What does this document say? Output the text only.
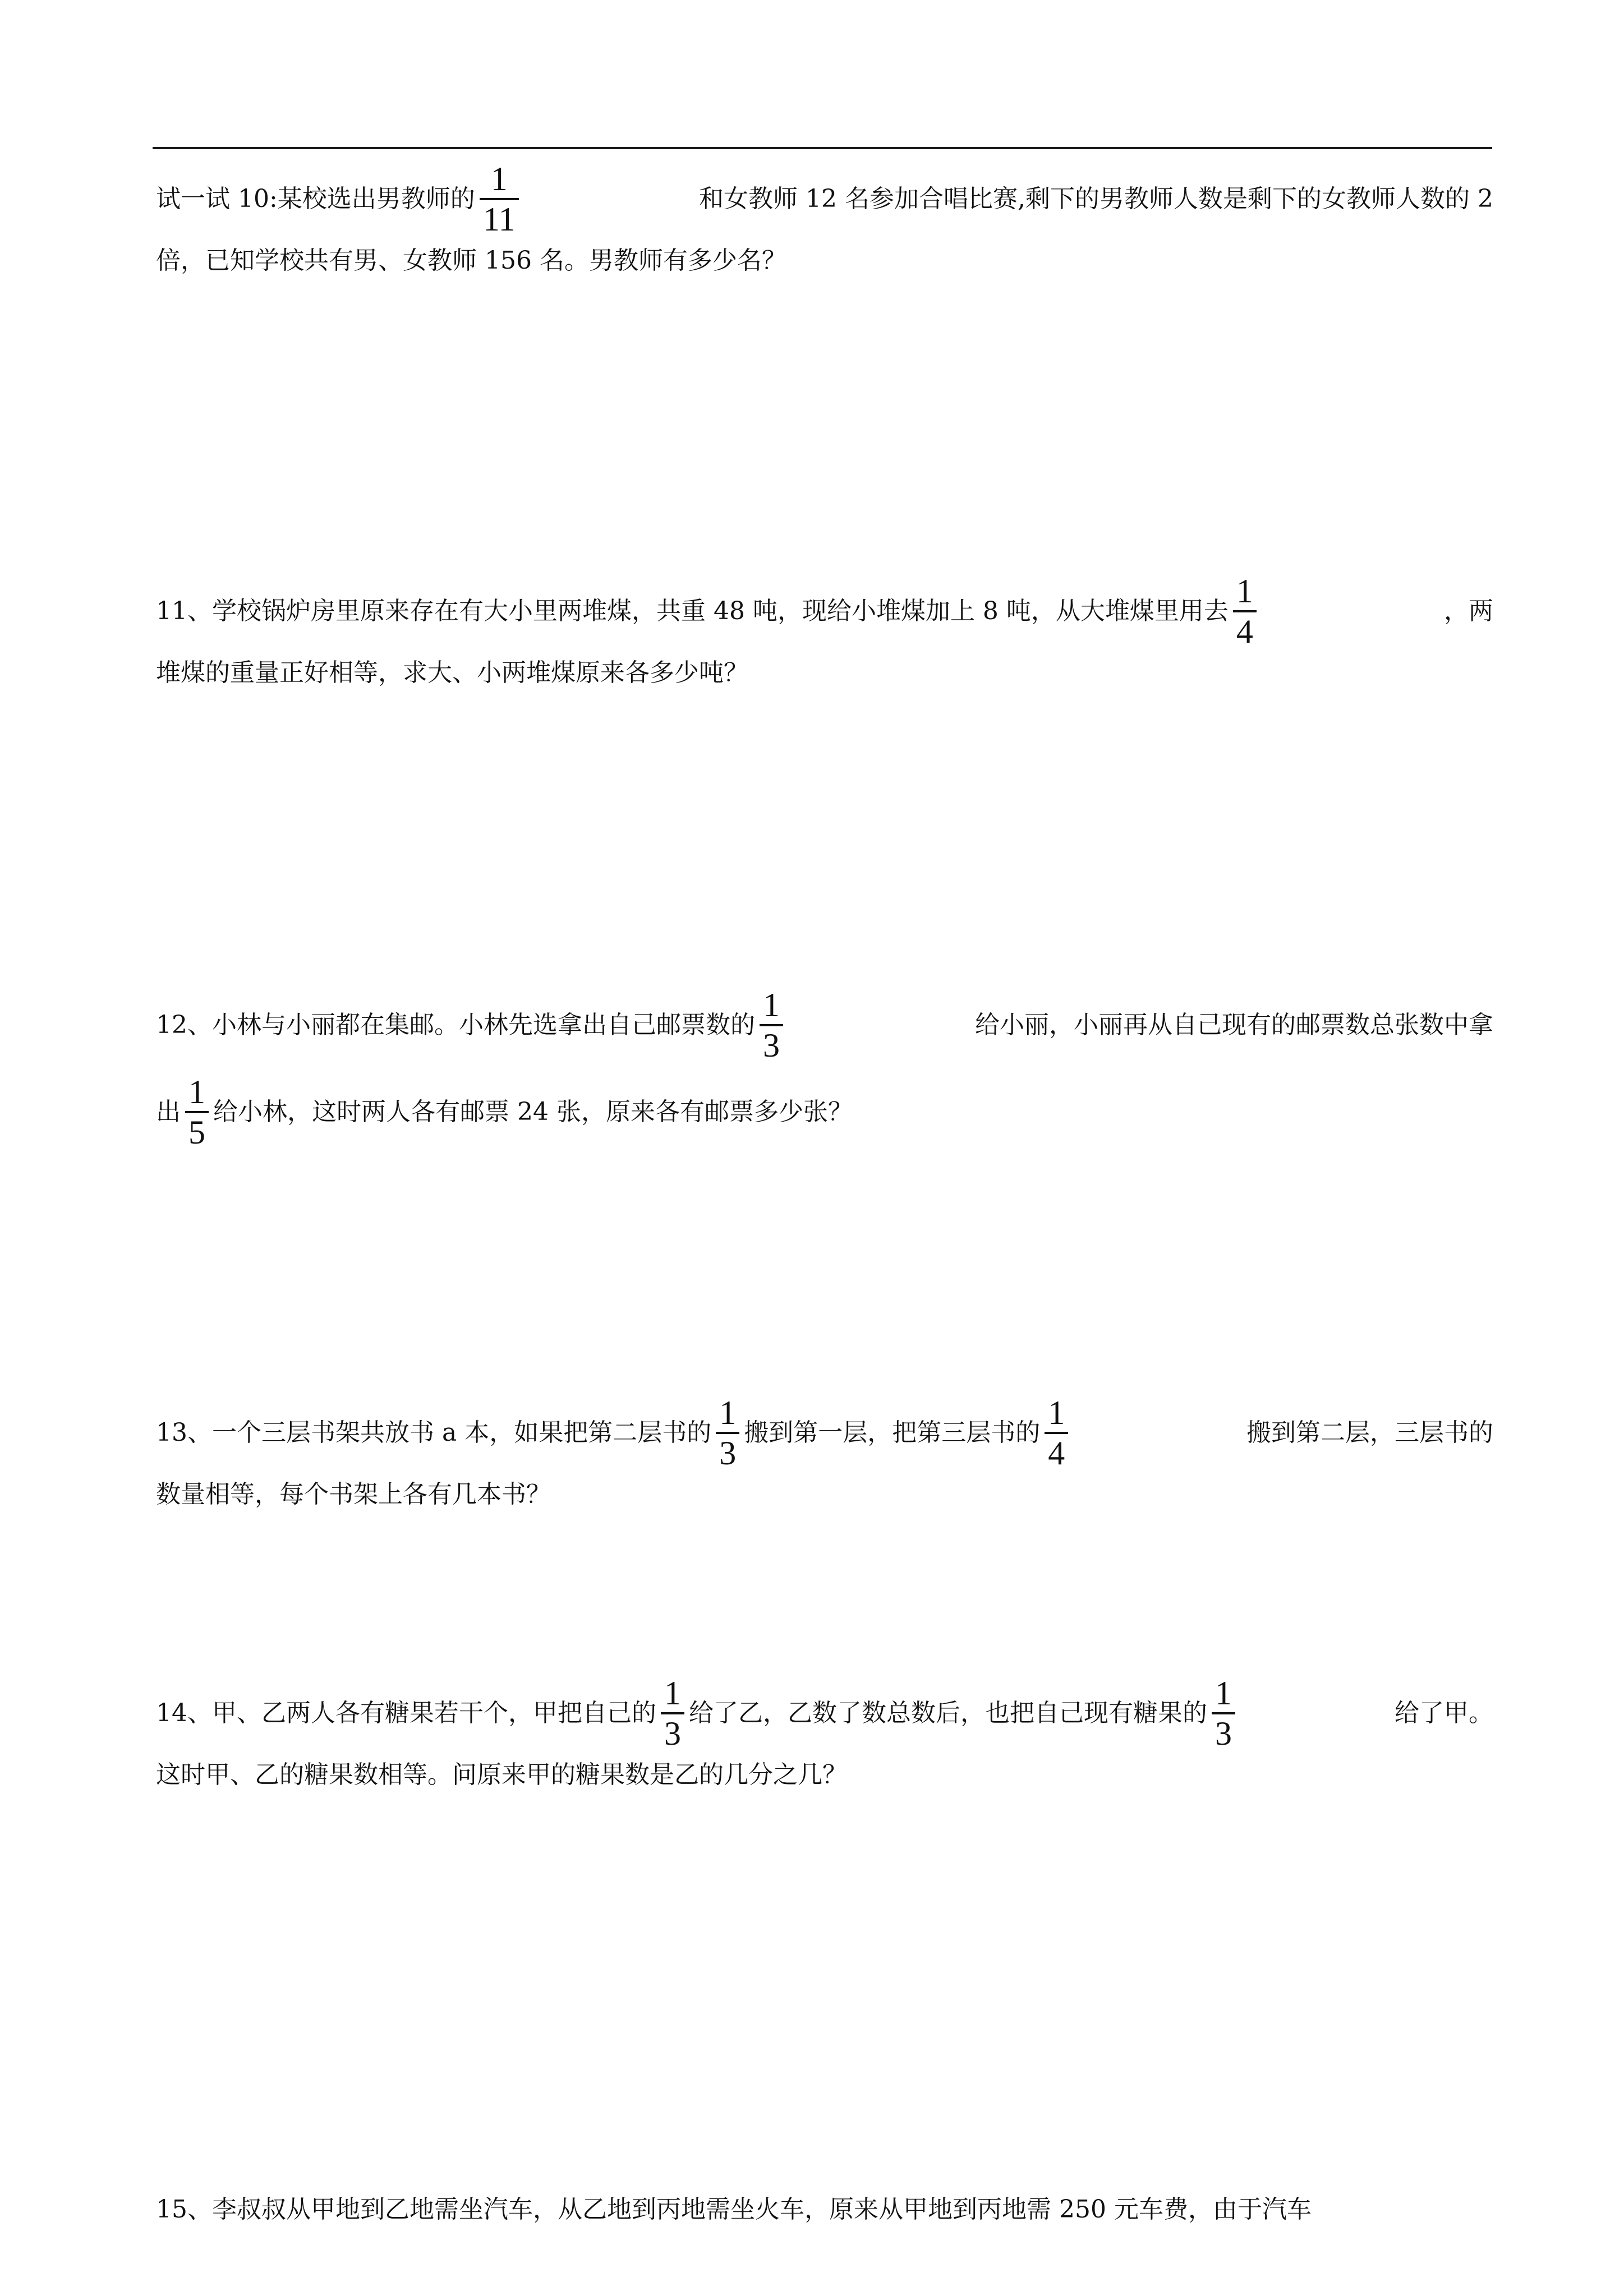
试一试 10:某校选出男教师的 $\frac{1}{11}$	和女教师 12 名参加合唱比赛,剩下的男教师人数是剩下的女教师人数的 2
倍，已知学校共有男、女教师 156 名。男教师有多少名？
11、学校锅炉房里原来存在有大小里两堆煤，共重 48 吨，现给小堆煤加上 8 吨，从大堆煤里用去 $\frac{1}{4}$	，两
堆煤的重量正好相等，求大、小两堆煤原来各多少吨？
12、小林与小丽都在集邮。小林先选拿出自己邮票数的 $\frac{1}{3}$	给小丽，小丽再从自己现有的邮票数总张数中拿
出 $\frac{1}{5}$ 给小林，这时两人各有邮票 24 张，原来各有邮票多少张？
13、一个三层书架共放书 a 本，如果把第二层书的 $\frac{1}{3}$ 搬到第一层，把第三层书的 $\frac{1}{4}$	搬到第二层，三层书的
数量相等，每个书架上各有几本书？
14、甲、乙两人各有糖果若干个，甲把自己的 $\frac{1}{3}$ 给了乙，乙数了数总数后，也把自己现有糖果的 $\frac{1}{3}$	给了甲。
这时甲、乙的糖果数相等。问原来甲的糖果数是乙的几分之几？
15、李叔叔从甲地到乙地需坐汽车，从乙地到丙地需坐火车，原来从甲地到丙地需 250 元车费，由于汽车
